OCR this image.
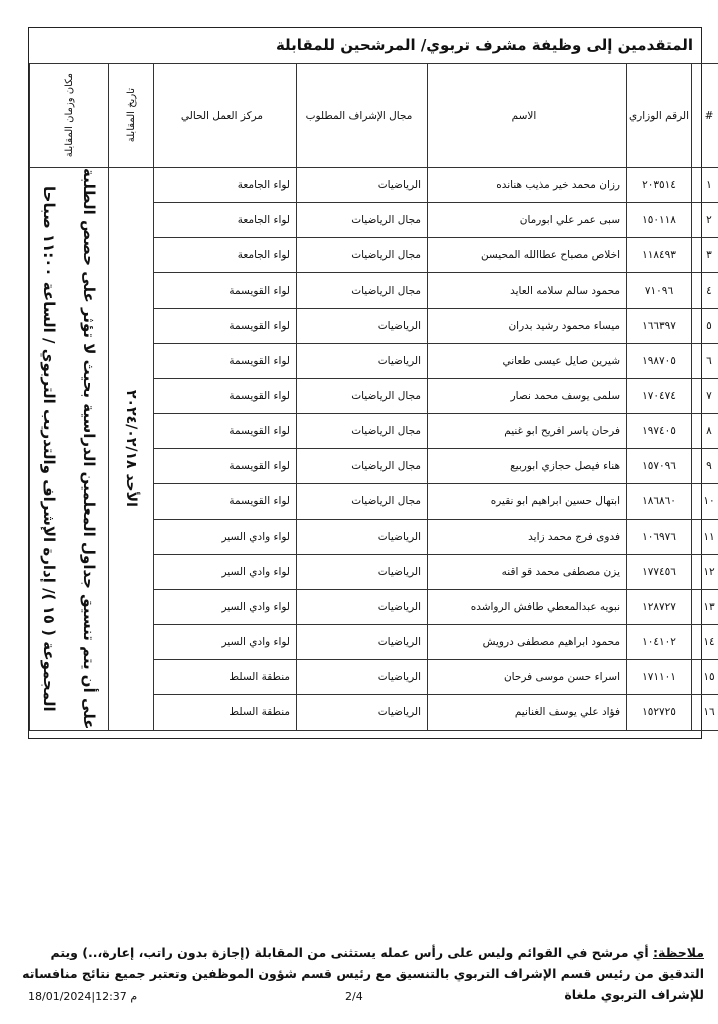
المتقدمين إلى وظيفة مشرف تربوي/ المرشحين للمقابلة
#	الرقم الوزاري	الاسم	مجال الإشراف المطلوب	مركز العمل الحالي	تاريخ المقابلة	مكان وزمان المقابلة

١	٢٠٣٥١٤	رزان محمد خير مذيب هنانده	الرياضيات	لواء الجامعة	الأحد ٢٠٢٤/٠٢/١٨	على أن يتم تنسيق جداول المعلمين الدراسية بحيث لا تؤثر على حصص الطلبة
المجموعة ( ١٥ )/ إدارة الإشراف والتدريب التربوي / الساعة ١١:٠٠ صباحا

٢	١٥٠١١٨	سبى عمر علي ابورمان	مجال الرياضيات	لواء الجامعة		
٣	١١٨٤٩٣	اخلاص مصباح عطاالله المحيسن	مجال الرياضيات	لواء الجامعة		
٤	٧١٠٩٦	محمود سالم سلامه العايد	مجال الرياضيات	لواء القويسمة		
٥	١٦٦٣٩٧	ميساء محمود رشيد بدران	الرياضيات	لواء القويسمة		
٦	١٩٨٧٠٥	شيرين صايل عيسى طعاني	الرياضيات	لواء القويسمة		
٧	١٧٠٤٧٤	سلمى يوسف محمد نصار	مجال الرياضيات	لواء القويسمة		
٨	١٩٧٤٠٥	فرحان ياسر افريح ابو غنيم	مجال الرياضيات	لواء القويسمة		
٩	١٥٧٠٩٦	هناء فيصل حجازي ابوربيع	مجال الرياضيات	لواء القويسمة		
١٠	١٨٦٨٦٠	ابتهال حسين ابراهيم ابو نقيره	مجال الرياضيات	لواء القويسمة		
١١	١٠٦٩٧٦	فدوى فرج محمد زايد	الرياضيات	لواء وادي السير		
١٢	١٧٧٤٥٦	يزن مصطفى محمد قو اقنه	الرياضيات	لواء وادي السير		
١٣	١٢٨٧٢٧	نبويه عبدالمعطي طافش الرواشده	الرياضيات	لواء وادي السير		
١٤	١٠٤١٠٢	محمود ابراهيم مصطفى درويش	الرياضيات	لواء وادي السير		
١٥	١٧١١٠١	اسراء حسن موسى فرحان	الرياضيات	منطقة السلط		
١٦	١٥٢٧٢٥	فؤاد علي يوسف الغنانيم	الرياضيات	منطقة السلط		
ملاحظة: أي مرشح في القوائم وليس على رأس عمله يستثنى من المقابلة (إجازة بدون راتب، إعارة،..) ويتم التدقيق من رئيس قسم الإشراف التربوي بالتنسيق مع رئيس قسم شؤون الموظفين وتعتبر جميع نتائج منافساته للإشراف التربوي ملغاة
18/01/2024|12:37 م	2/4
